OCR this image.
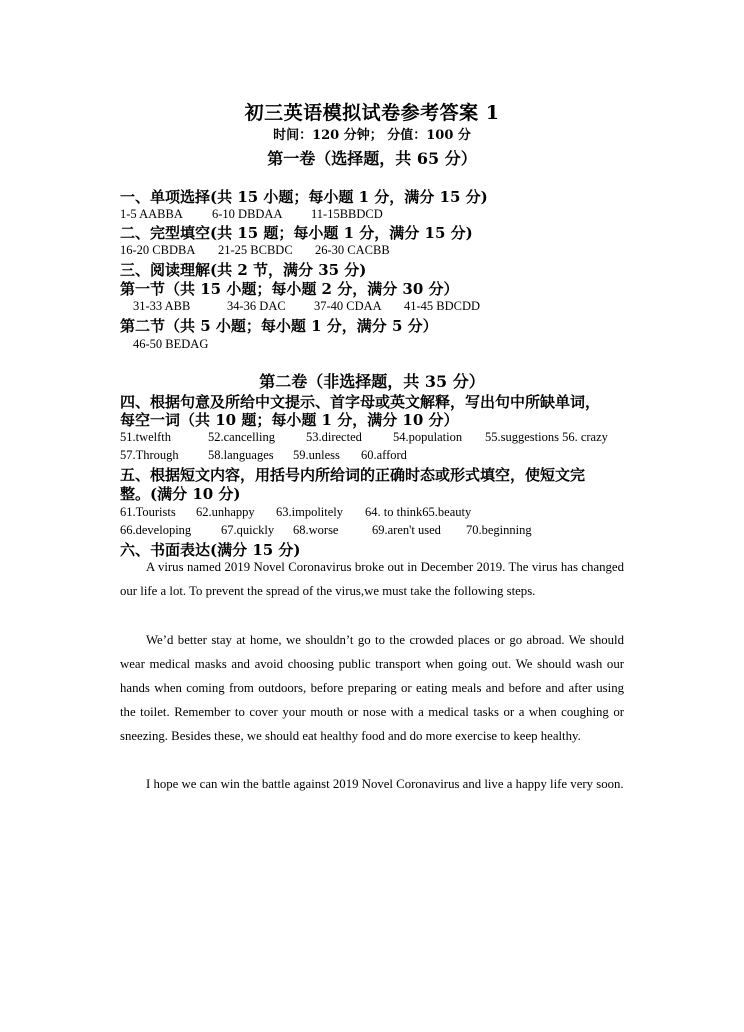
初三英语模拟试卷参考答案 1
时间：120 分钟； 分值：100 分
第一卷（选择题，共 65 分）
一、单项选择(共 15 小题；每小题 1 分，满分 15 分)
1-5 AABBA 6-10 DBDAA 11-15BBDCD
二、完型填空(共 15 题；每小题 1 分，满分 15 分)
16-20 CBDBA 21-25 BCBDC 26-30 CACBB
三、阅读理解(共 2 节，满分 35 分)
第一节（共 15 小题；每小题 2 分，满分 30 分）
31-33 ABB	34-36 DAC 37-40 CDAA 41-45 BDCDD
第二节（共 5 小题；每小题 1 分，满分 5 分）
46-50 BEDAG
第二卷（非选择题，共 35 分）
四、根据句意及所给中文提示、首字母或英文解释，写出句中所缺单词，
每空一词（共 10 题；每小题 1 分，满分 10 分）
51.twelfth	52.cancelling 53.directed 54.population 55.suggestions 56. crazy
57.Through 58.languages 59.unless 60.afford
五、根据短文内容，用括号内所给词的正确时态或形式填空，使短文完
整。(满分 10 分)
61.Tourists 62.unhappy 63.impolitely 64. to think65.beauty
66.developing 67.quickly 68.worse	69.aren't used 70.beginning
六、书面表达(满分 15 分)
A virus named 2019 Novel Coronavirus broke out in December 2019. The virus has changed our life a lot. To prevent the spread of the virus,we must take the following steps.
We’d better stay at home, we shouldn’t go to the crowded places or go abroad. We should wear medical masks and avoid choosing public transport when going out. We should wash our hands when coming from outdoors, before preparing or eating meals and before and after using the toilet. Remember to cover your mouth or nose with a medical tasks or a when coughing or sneezing. Besides these, we should eat healthy food and do more exercise to keep healthy.
I hope we can win the battle against 2019 Novel Coronavirus and live a happy life very soon.
